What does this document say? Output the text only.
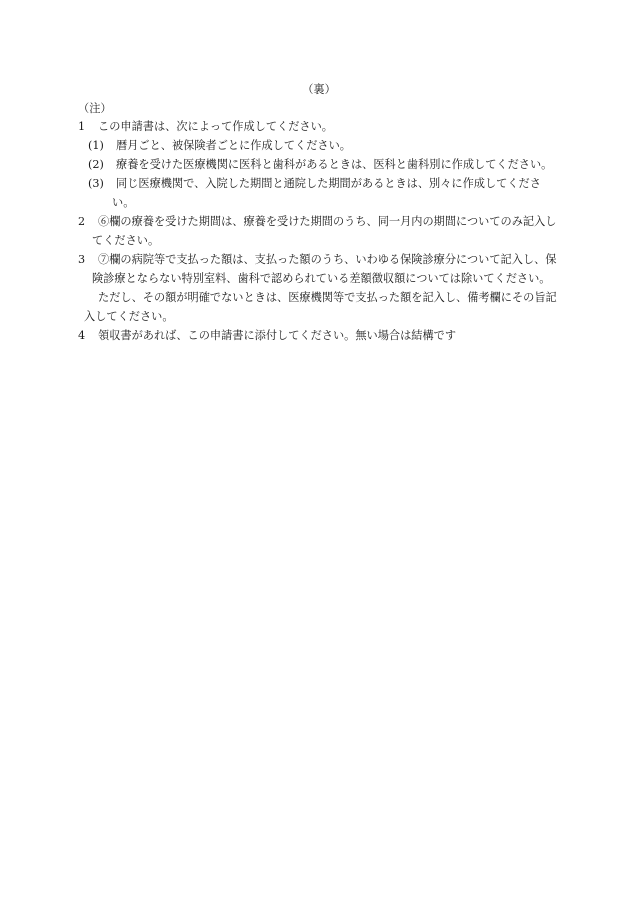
（裏）
（注）

1 この申請書は、次によって作成してください。

(1) 暦月ごと、被保険者ごとに作成してください。

(2) 療養を受けた医療機関に医科と歯科があるときは、医科と歯科別に作成してください。

(3) 同じ医療機関で、入院した期間と通院した期間があるときは、別々に作成してください。

2 ⑥欄の療養を受けた期間は、療養を受けた期間のうち、同一月内の期間についてのみ記入してください。

3 ⑦欄の病院等で支払った額は、支払った額のうち、いわゆる保険診療分について記入し、保険診療とならない特別室料、歯科で認められている差額徴収額については除いてください。

ただし、その額が明確でないときは、医療機関等で支払った額を記入し、備考欄にその旨記入してください。

4 領収書があれば、この申請書に添付してください。無い場合は結構です
